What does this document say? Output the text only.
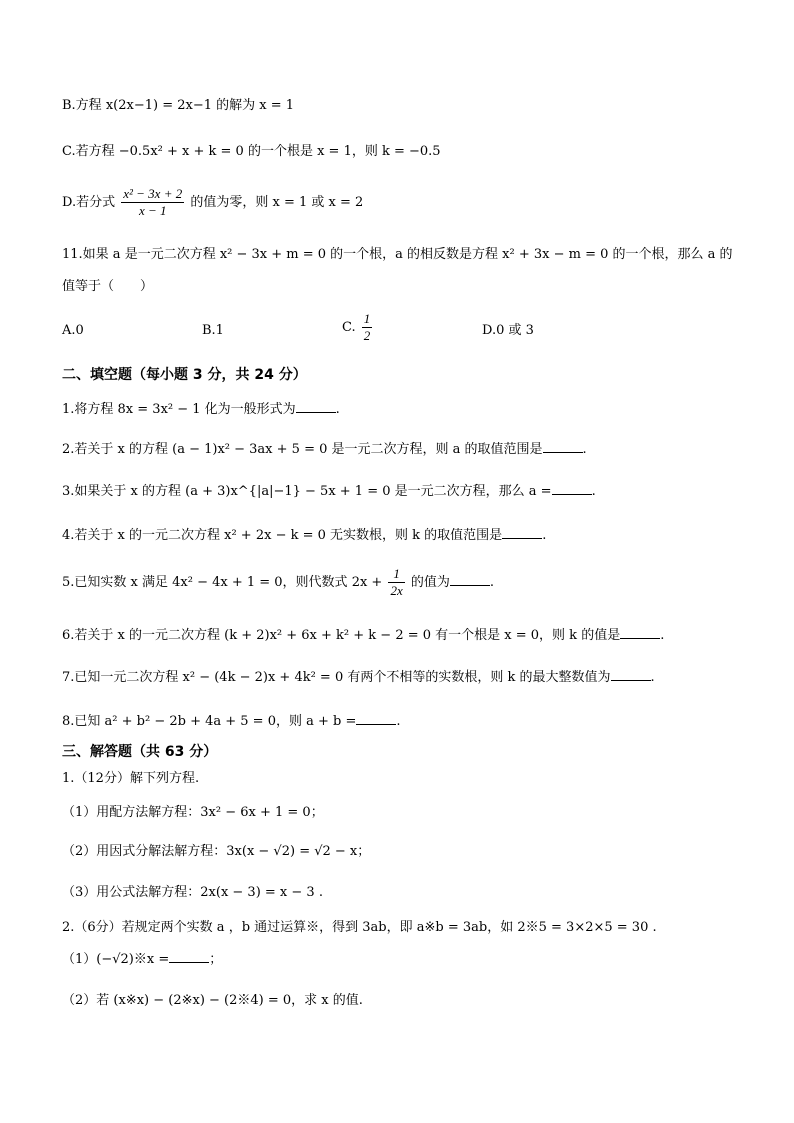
B.方程 x(2x−1) = 2x−1 的解为 x = 1
C.若方程 −0.5x² + x + k = 0 的一个根是 x = 1，则 k = −0.5
D.若分式 $\frac{\text{x² − 3x + 2}}{x - 1}$ 的值为零，则 x = 1 或 x = 2
11.如果 a 是一元二次方程 x² − 3x + m = 0 的一个根，a 的相反数是方程 x² + 3x − m = 0 的一个根，那么 a 的
值等于（　　）
A.0	B.1	C. $\frac{1}{2}$	D.0 或 3
二、填空题（每小题 3 分，共 24 分）
1.将方程 8x = 3x² − 1 化为一般形式为	.
2.若关于 x 的方程 (a − 1)x² − 3ax + 5 = 0 是一元二次方程，则 a 的取值范围是	.
3.如果关于 x 的方程 (a + 3)x^{|a|−1} − 5x + 1 = 0 是一元二次方程，那么 a =	.
4.若关于 x 的一元二次方程 x² + 2x − k = 0 无实数根，则 k 的取值范围是	.
5.已知实数 x 满足 4x² − 4x + 1 = 0，则代数式 $2x + \frac{1}{2x}$ 的值为	.
6.若关于 x 的一元二次方程 (k + 2)x² + 6x + k² + k − 2 = 0 有一个根是 x = 0，则 k 的值是	.
7.已知一元二次方程 x² − (4k − 2)x + 4k² = 0 有两个不相等的实数根，则 k 的最大整数值为	.
8.已知 a² + b² − 2b + 4a + 5 = 0，则 a + b =	.
三、解答题（共 63 分）
1.（12分）解下列方程.
（1）用配方法解方程：3x² − 6x + 1 = 0；
（2）用因式分解法解方程：3x(x − √2) = √2 − x；
（3）用公式法解方程：2x(x − 3) = x − 3 .
2.（6分）若规定两个实数 a ，b 通过运算※，得到 3ab，即 a※b = 3ab，如 2※5 = 3×2×5 = 30 .
（1）(−√2)※x =	；
（2）若 (x※x) − (2※x) − (2※4) = 0，求 x 的值.
